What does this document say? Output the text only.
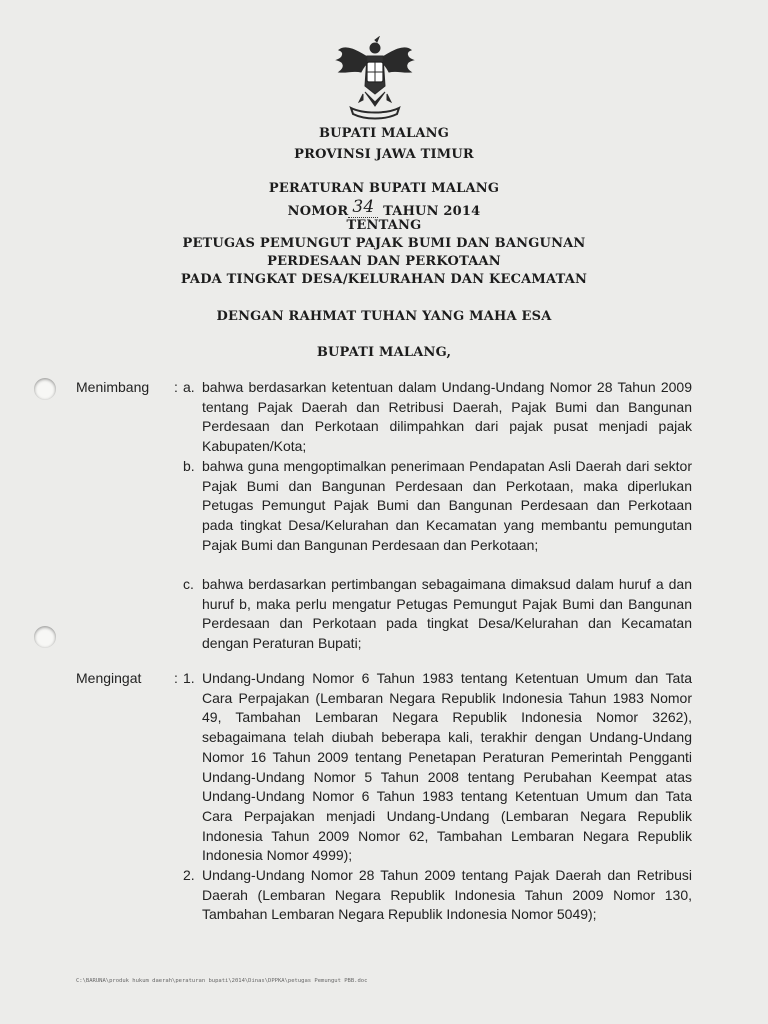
BUPATI MALANG
PROVINSI JAWA TIMUR
PERATURAN BUPATI MALANG
NOMOR 34 TAHUN 2014
TENTANG
PETUGAS PEMUNGUT PAJAK BUMI DAN BANGUNAN
PERDESAAN DAN PERKOTAAN
PADA TINGKAT DESA/KELURAHAN DAN KECAMATAN
DENGAN RAHMAT TUHAN YANG MAHA ESA
BUPATI MALANG,
Menimbang : a. bahwa berdasarkan ketentuan dalam Undang-Undang Nomor 28 Tahun 2009 tentang Pajak Daerah dan Retribusi Daerah, Pajak Bumi dan Bangunan Perdesaan dan Perkotaan dilimpahkan dari pajak pusat menjadi pajak Kabupaten/Kota;
b. bahwa guna mengoptimalkan penerimaan Pendapatan Asli Daerah dari sektor Pajak Bumi dan Bangunan Perdesaan dan Perkotaan, maka diperlukan Petugas Pemungut Pajak Bumi dan Bangunan Perdesaan dan Perkotaan pada tingkat Desa/Kelurahan dan Kecamatan yang membantu pemungutan Pajak Bumi dan Bangunan Perdesaan dan Perkotaan;
c. bahwa berdasarkan pertimbangan sebagaimana dimaksud dalam huruf a dan huruf b, maka perlu mengatur Petugas Pemungut Pajak Bumi dan Bangunan Perdesaan dan Perkotaan pada tingkat Desa/Kelurahan dan Kecamatan dengan Peraturan Bupati;
Mengingat : 1. Undang-Undang Nomor 6 Tahun 1983 tentang Ketentuan Umum dan Tata Cara Perpajakan (Lembaran Negara Republik Indonesia Tahun 1983 Nomor 49, Tambahan Lembaran Negara Republik Indonesia Nomor 3262), sebagaimana telah diubah beberapa kali, terakhir dengan Undang-Undang Nomor 16 Tahun 2009 tentang Penetapan Peraturan Pemerintah Pengganti Undang-Undang Nomor 5 Tahun 2008 tentang Perubahan Keempat atas Undang-Undang Nomor 6 Tahun 1983 tentang Ketentuan Umum dan Tata Cara Perpajakan menjadi Undang-Undang (Lembaran Negara Republik Indonesia Tahun 2009 Nomor 62, Tambahan Lembaran Negara Republik Indonesia Nomor 4999);
2. Undang-Undang Nomor 28 Tahun 2009 tentang Pajak Daerah dan Retribusi Daerah (Lembaran Negara Republik Indonesia Tahun 2009 Nomor 130, Tambahan Lembaran Negara Republik Indonesia Nomor 5049);
C:\BARUNA\produk hukum daerah\peraturan bupati\2014\Dinas\DPPKA\petugas Pemungut PBB.doc
